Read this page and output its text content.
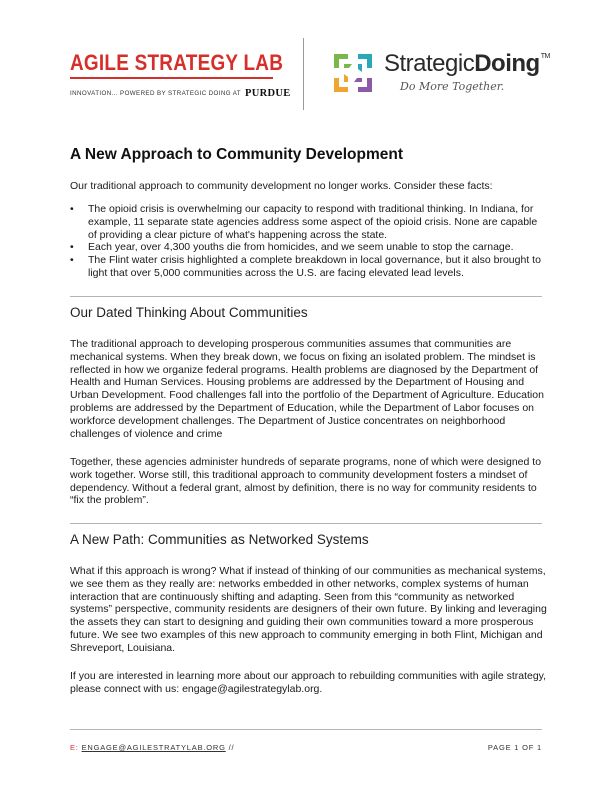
AGILE STRATEGY LAB
INNOVATION... POWERED BY STRATEGIC DOING AT PURDUE
StrategicDoing™
Do More Together.
A New Approach to Community Development

Our traditional approach to community development no longer works. Consider these facts:

• The opioid crisis is overwhelming our capacity to respond with traditional thinking. In Indiana, for example, 11 separate state agencies address some aspect of the opioid crisis. None are capable of providing a clear picture of what's happening across the state.
• Each year, over 4,300 youths die from homicides, and we seem unable to stop the carnage.
• The Flint water crisis highlighted a complete breakdown in local governance, but it also brought to light that over 5,000 communities across the U.S. are facing elevated lead levels.
Our Dated Thinking About Communities

The traditional approach to developing prosperous communities assumes that communities are mechanical systems. When they break down, we focus on fixing an isolated problem. The mindset is reflected in how we organize federal programs. Health problems are diagnosed by the Department of Health and Human Services. Housing problems are addressed by the Department of Housing and Urban Development. Food challenges fall into the portfolio of the Department of Agriculture. Education problems are addressed by the Department of Education, while the Department of Labor focuses on workforce development challenges. The Department of Justice concentrates on neighborhood challenges of violence and crime

Together, these agencies administer hundreds of separate programs, none of which were designed to work together. Worse still, this traditional approach to community development fosters a mindset of dependency. Without a federal grant, almost by definition, there is no way for community residents to “fix the problem”.

A New Path: Communities as Networked Systems

What if this approach is wrong? What if instead of thinking of our communities as mechanical systems, we see them as they really are: networks embedded in other networks, complex systems of human interaction that are continuously shifting and adapting. Seen from this “community as networked systems” perspective, community residents are designers of their own future. By linking and leveraging the assets they can start to designing and guiding their own communities toward a more prosperous future. We see two examples of this new approach to community emerging in both Flint, Michigan and Shreveport, Louisiana.

If you are interested in learning more about our approach to rebuilding communities with agile strategy, please connect with us: engage@agilestrategylab.org.

E: ENGAGE@AGILESTRATYLAB.ORG //	PAGE 1 OF 1
